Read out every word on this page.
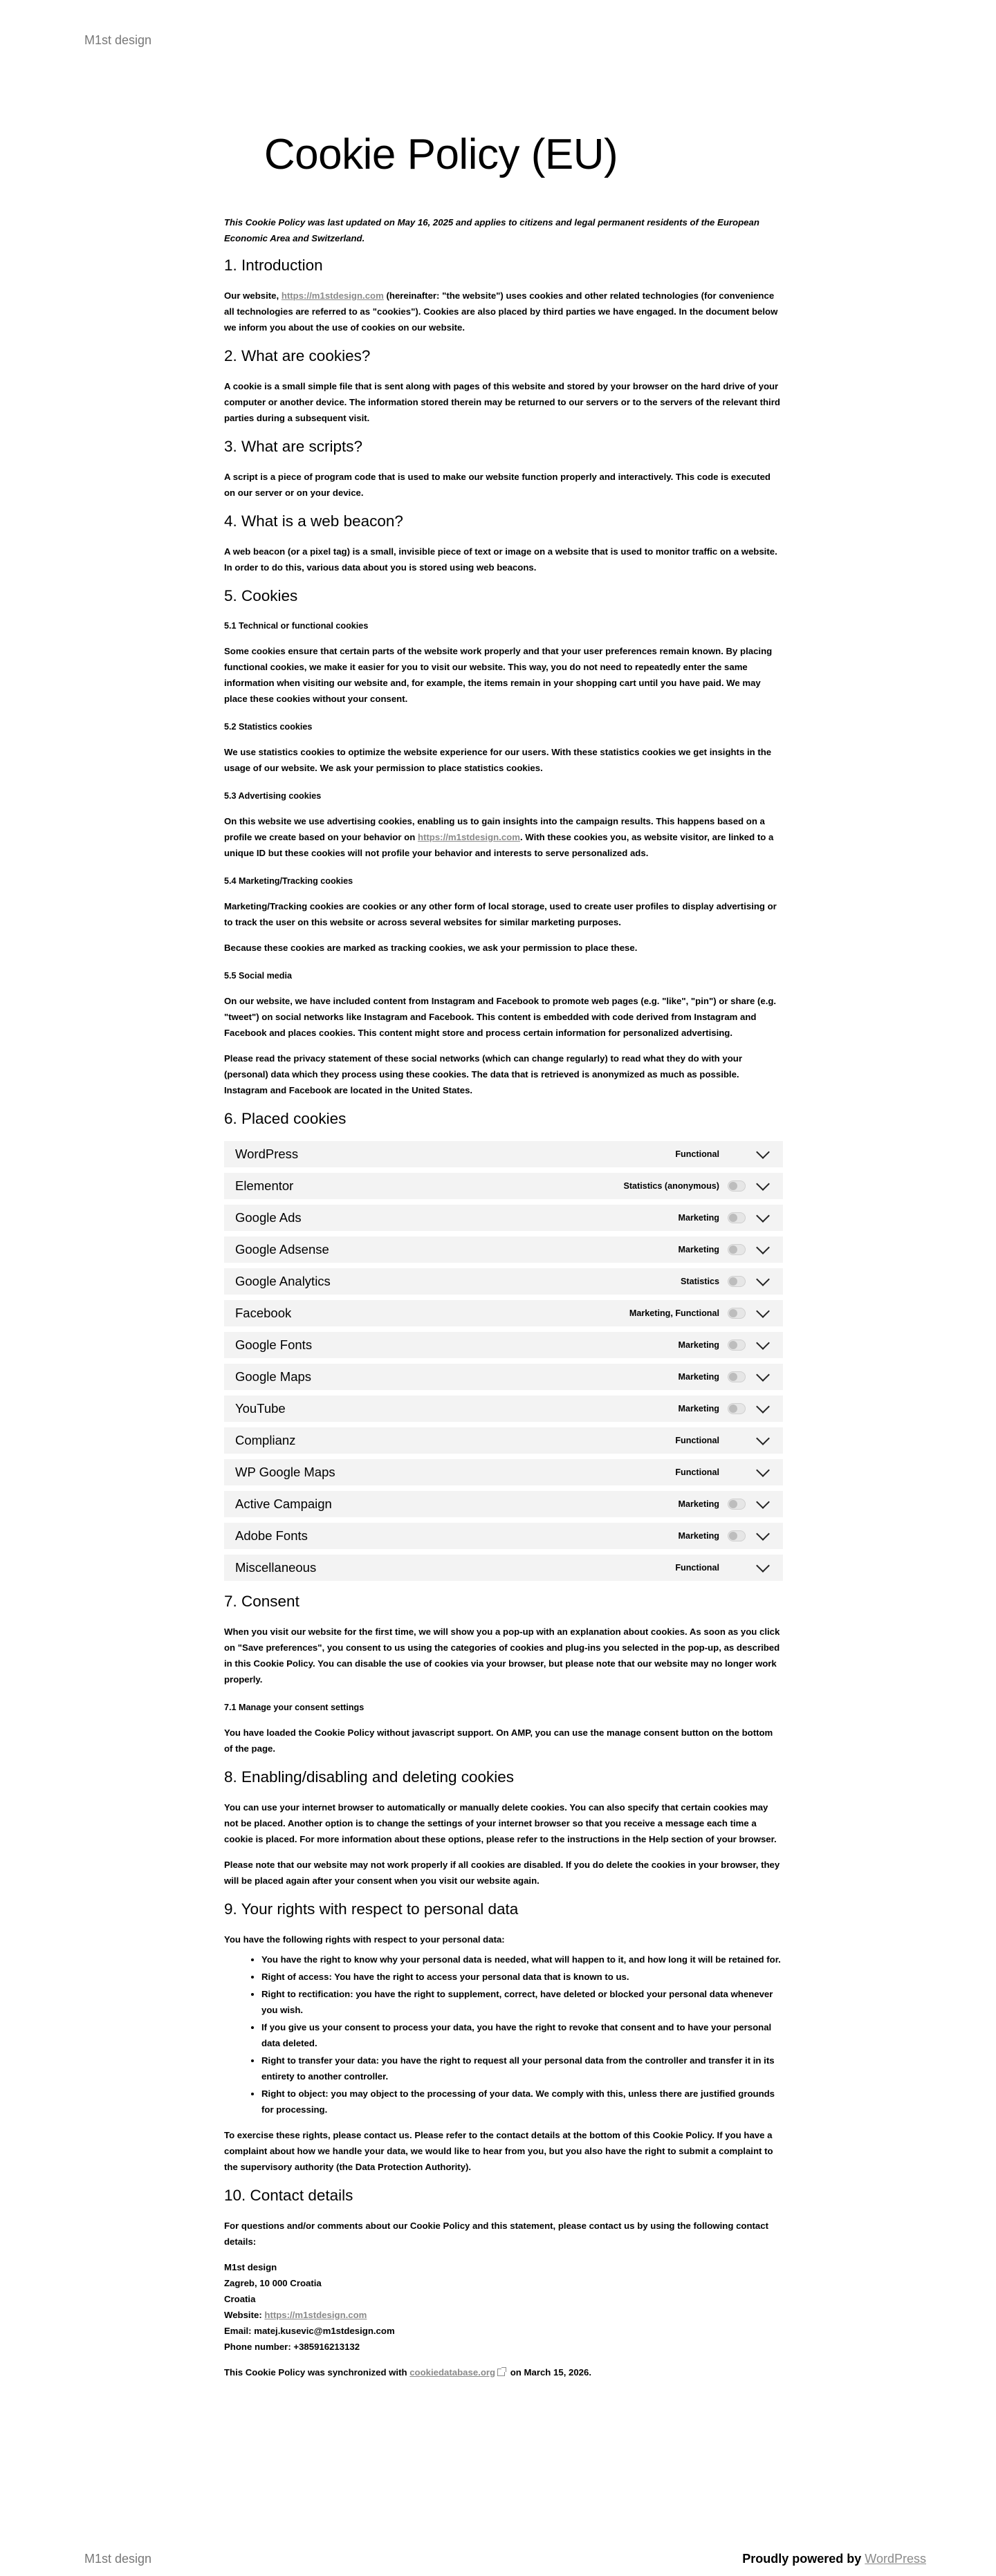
M1st design
Cookie Policy (EU)

This Cookie Policy was last updated on May 16, 2025 and applies to citizens and legal permanent residents of the European Economic Area and Switzerland.

1. Introduction

Our website, https://m1stdesign.com (hereinafter: "the website") uses cookies and other related technologies (for convenience all technologies are referred to as "cookies"). Cookies are also placed by third parties we have engaged. In the document below we inform you about the use of cookies on our website.

2. What are cookies?

A cookie is a small simple file that is sent along with pages of this website and stored by your browser on the hard drive of your computer or another device. The information stored therein may be returned to our servers or to the servers of the relevant third parties during a subsequent visit.

3. What are scripts?

A script is a piece of program code that is used to make our website function properly and interactively. This code is executed on our server or on your device.

4. What is a web beacon?

A web beacon (or a pixel tag) is a small, invisible piece of text or image on a website that is used to monitor traffic on a website. In order to do this, various data about you is stored using web beacons.

5. Cookies
5.1 Technical or functional cookies

Some cookies ensure that certain parts of the website work properly and that your user preferences remain known. By placing functional cookies, we make it easier for you to visit our website. This way, you do not need to repeatedly enter the same information when visiting our website and, for example, the items remain in your shopping cart until you have paid. We may place these cookies without your consent.

5.2 Statistics cookies

We use statistics cookies to optimize the website experience for our users. With these statistics cookies we get insights in the usage of our website. We ask your permission to place statistics cookies.

5.3 Advertising cookies

On this website we use advertising cookies, enabling us to gain insights into the campaign results. This happens based on a profile we create based on your behavior on https://m1stdesign.com. With these cookies you, as website visitor, are linked to a unique ID but these cookies will not profile your behavior and interests to serve personalized ads.

5.4 Marketing/Tracking cookies

Marketing/Tracking cookies are cookies or any other form of local storage, used to create user profiles to display advertising or to track the user on this website or across several websites for similar marketing purposes.

Because these cookies are marked as tracking cookies, we ask your permission to place these.

5.5 Social media

On our website, we have included content from Instagram and Facebook to promote web pages (e.g. "like", "pin") or share (e.g. "tweet") on social networks like Instagram and Facebook. This content is embedded with code derived from Instagram and Facebook and places cookies. This content might store and process certain information for personalized advertising.

Please read the privacy statement of these social networks (which can change regularly) to read what they do with your (personal) data which they process using these cookies. The data that is retrieved is anonymized as much as possible. Instagram and Facebook are located in the United States.

6. Placed cookies
WordPress	Functional
Elementor	Statistics (anonymous)
Google Ads	Marketing
Google Adsense	Marketing
Google Analytics	Statistics
Facebook	Marketing, Functional
Google Fonts	Marketing
Google Maps	Marketing
YouTube	Marketing
Complianz	Functional
WP Google Maps	Functional
Active Campaign	Marketing
Adobe Fonts	Marketing
Miscellaneous	Functional
7. Consent

When you visit our website for the first time, we will show you a pop-up with an explanation about cookies. As soon as you click on "Save preferences", you consent to us using the categories of cookies and plug-ins you selected in the pop-up, as described in this Cookie Policy. You can disable the use of cookies via your browser, but please note that our website may no longer work properly.

7.1 Manage your consent settings

You have loaded the Cookie Policy without javascript support. On AMP, you can use the manage consent button on the bottom of the page.

8. Enabling/disabling and deleting cookies

You can use your internet browser to automatically or manually delete cookies. You can also specify that certain cookies may not be placed. Another option is to change the settings of your internet browser so that you receive a message each time a cookie is placed. For more information about these options, please refer to the instructions in the Help section of your browser.

Please note that our website may not work properly if all cookies are disabled. If you do delete the cookies in your browser, they will be placed again after your consent when you visit our website again.

9. Your rights with respect to personal data

You have the following rights with respect to your personal data:

• You have the right to know why your personal data is needed, what will happen to it, and how long it will be retained for.
• Right of access: You have the right to access your personal data that is known to us.
• Right to rectification: you have the right to supplement, correct, have deleted or blocked your personal data whenever you wish.
• If you give us your consent to process your data, you have the right to revoke that consent and to have your personal data deleted.
• Right to transfer your data: you have the right to request all your personal data from the controller and transfer it in its entirety to another controller.
• Right to object: you may object to the processing of your data. We comply with this, unless there are justified grounds for processing.

To exercise these rights, please contact us. Please refer to the contact details at the bottom of this Cookie Policy. If you have a complaint about how we handle your data, we would like to hear from you, but you also have the right to submit a complaint to the supervisory authority (the Data Protection Authority).

10. Contact details

For questions and/or comments about our Cookie Policy and this statement, please contact us by using the following contact details:

M1st design

Zagreb, 10 000 Croatia

Croatia

Website: https://m1stdesign.com

Email: matej.kusevic@m1stdesign.com

Phone number: +385916213132

This Cookie Policy was synchronized with cookiedatabase.org on March 15, 2026.

M1st design	Proudly powered by WordPress
